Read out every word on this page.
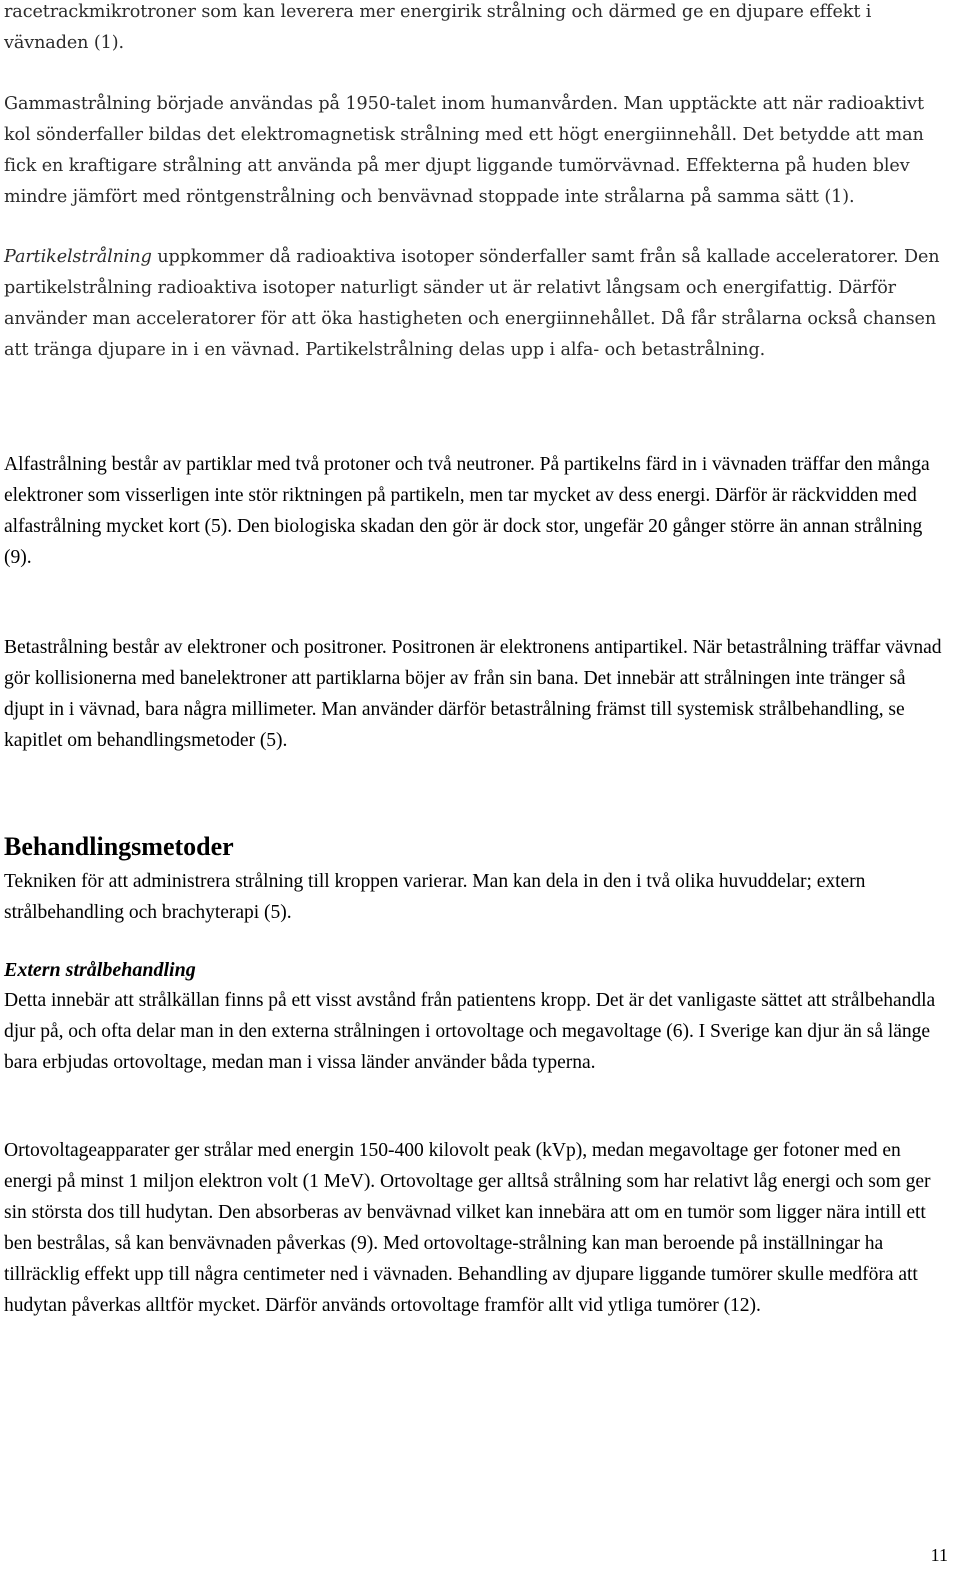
racetrackmikrotroner som kan leverera mer energirik strålning och därmed ge en djupare effekt i vävnaden (1).

Gammastrålning började användas på 1950-talet inom humanvården. Man upptäckte att när radioaktivt kol sönderfaller bildas det elektromagnetisk strålning med ett högt energiinnehåll. Det betydde att man fick en kraftigare strålning att använda på mer djupt liggande tumörvävnad. Effekterna på huden blev mindre jämfört med röntgenstrålning och benvävnad stoppade inte strålarna på samma sätt (1).

Partikelstrålning uppkommer då radioaktiva isotoper sönderfaller samt från så kallade acceleratorer. Den partikelstrålning radioaktiva isotoper naturligt sänder ut är relativt långsam och energifattig. Därför använder man acceleratorer för att öka hastigheten och energiinnehållet. Då får strålarna också chansen att tränga djupare in i en vävnad. Partikelstrålning delas upp i alfa- och betastrålning.

Alfastrålning består av partiklar med två protoner och två neutroner. På partikelns färd in i vävnaden träffar den många elektroner som visserligen inte stör riktningen på partikeln, men tar mycket av dess energi. Därför är räckvidden med alfastrålning mycket kort (5). Den biologiska skadan den gör är dock stor, ungefär 20 gånger större än annan strålning (9).

Betastrålning består av elektroner och positroner. Positronen är elektronens antipartikel. När betastrålning träffar vävnad gör kollisionerna med banelektroner att partiklarna böjer av från sin bana. Det innebär att strålningen inte tränger så djupt in i vävnad, bara några millimeter. Man använder därför betastrålning främst till systemisk strålbehandling, se kapitlet om behandlingsmetoder (5).

Behandlingsmetoder

Tekniken för att administrera strålning till kroppen varierar. Man kan dela in den i två olika huvuddelar; extern strålbehandling och brachyterapi (5).

Extern strålbehandling

Detta innebär att strålkällan finns på ett visst avstånd från patientens kropp. Det är det vanligaste sättet att strålbehandla djur på, och ofta delar man in den externa strålningen i ortovoltage och megavoltage (6). I Sverige kan djur än så länge bara erbjudas ortovoltage, medan man i vissa länder använder båda typerna.

Ortovoltageapparater ger strålar med energin 150-400 kilovolt peak (kVp), medan megavoltage ger fotoner med en energi på minst 1 miljon elektron volt (1 MeV). Ortovoltage ger alltså strålning som har relativt låg energi och som ger sin största dos till hudytan. Den absorberas av benvävnad vilket kan innebära att om en tumör som ligger nära intill ett ben bestrålas, så kan benvävnaden påverkas (9). Med ortovoltage-strålning kan man beroende på inställningar ha tillräcklig effekt upp till några centimeter ned i vävnaden. Behandling av djupare liggande tumörer skulle medföra att hudytan påverkas alltför mycket. Därför används ortovoltage framför allt vid ytliga tumörer (12).

11
